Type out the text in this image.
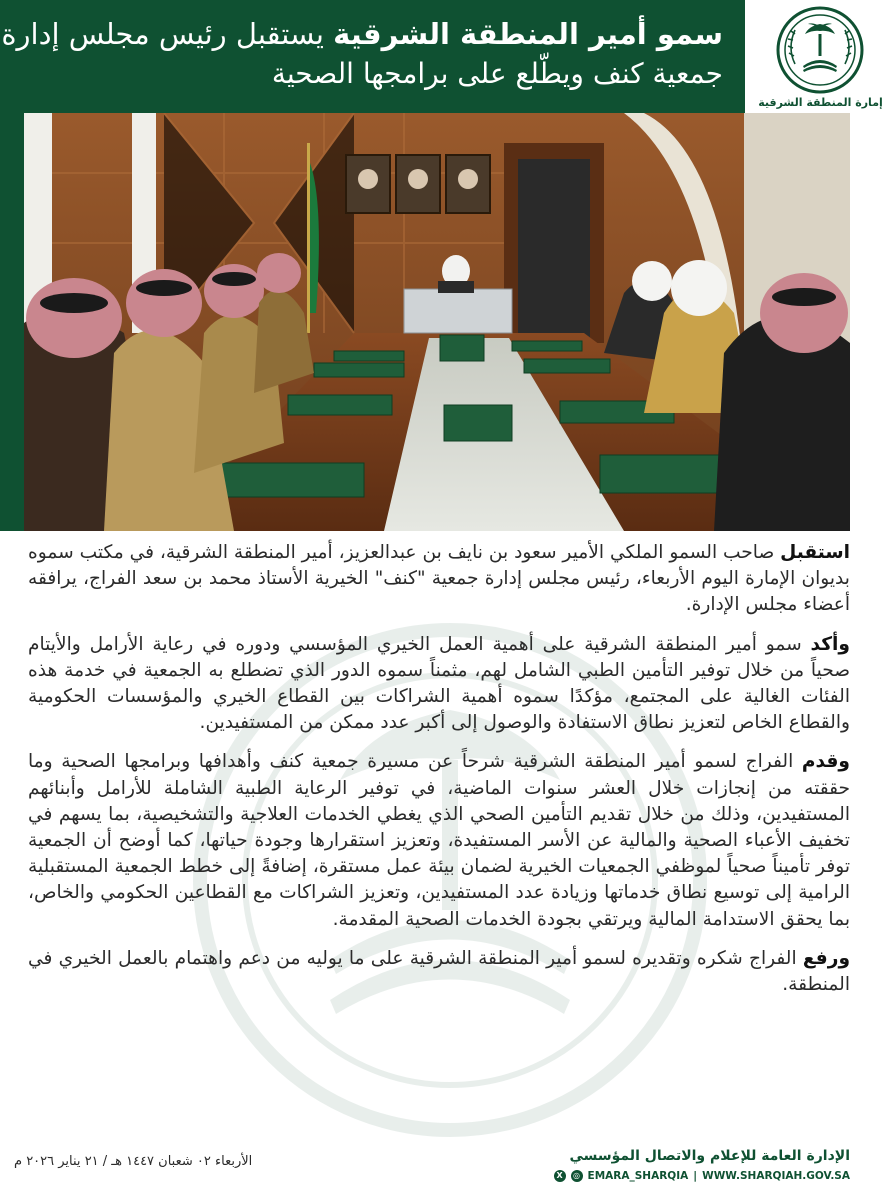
سمو أمير المنطقة الشرقية يستقبل رئيس مجلس إدارة
جمعية كنف ويطّلع على برامجها الصحية
إمارة المنطقة الشرقية

استقبل صاحب السمو الملكي الأمير سعود بن نايف بن عبدالعزيز، أمير المنطقة الشرقية، في مكتب سموه بديوان الإمارة اليوم الأربعاء، رئيس مجلس إدارة جمعية "كنف" الخيرية الأستاذ محمد بن سعد الفراج، يرافقه أعضاء مجلس الإدارة.

وأكد سمو أمير المنطقة الشرقية على أهمية العمل الخيري المؤسسي ودوره في رعاية الأرامل والأيتام صحياً من خلال توفير التأمين الطبي الشامل لهم، مثمناً سموه الدور الذي تضطلع به الجمعية في خدمة هذه الفئات الغالية على المجتمع، مؤكدًا سموه أهمية الشراكات بين القطاع الخيري والمؤسسات الحكومية والقطاع الخاص لتعزيز نطاق الاستفادة والوصول إلى أكبر عدد ممكن من المستفيدين.

وقدم الفراج لسمو أمير المنطقة الشرقية شرحاً عن مسيرة جمعية كنف وأهدافها وبرامجها الصحية وما حققته من إنجازات خلال العشر سنوات الماضية، في توفير الرعاية الطبية الشاملة للأرامل وأبنائهم المستفيدين، وذلك من خلال تقديم التأمين الصحي الذي يغطي الخدمات العلاجية والتشخيصية، بما يسهم في تخفيف الأعباء الصحية والمالية عن الأسر المستفيدة، وتعزيز استقرارها وجودة حياتها، كما أوضح أن الجمعية توفر تأميناً صحياً لموظفي الجمعيات الخيرية لضمان بيئة عمل مستقرة، إضافةً إلى خطط الجمعية المستقبلية الرامية إلى توسيع نطاق خدماتها وزيادة عدد المستفيدين، وتعزيز الشراكات مع القطاعين الحكومي والخاص، بما يحقق الاستدامة المالية ويرتقي بجودة الخدمات الصحية المقدمة.

ورفع الفراج شكره وتقديره لسمو أمير المنطقة الشرقية على ما يوليه من دعم واهتمام بالعمل الخيري في المنطقة.

الأربعاء ٠٢ شعبان ١٤٤٧ هـ / ٢١ يناير ٢٠٢٦ م	الإدارة العامة للإعلام والاتصال المؤسسي
X	◎ EMARA_SHARQIA | WWW.SHARQIAH.GOV.SA
